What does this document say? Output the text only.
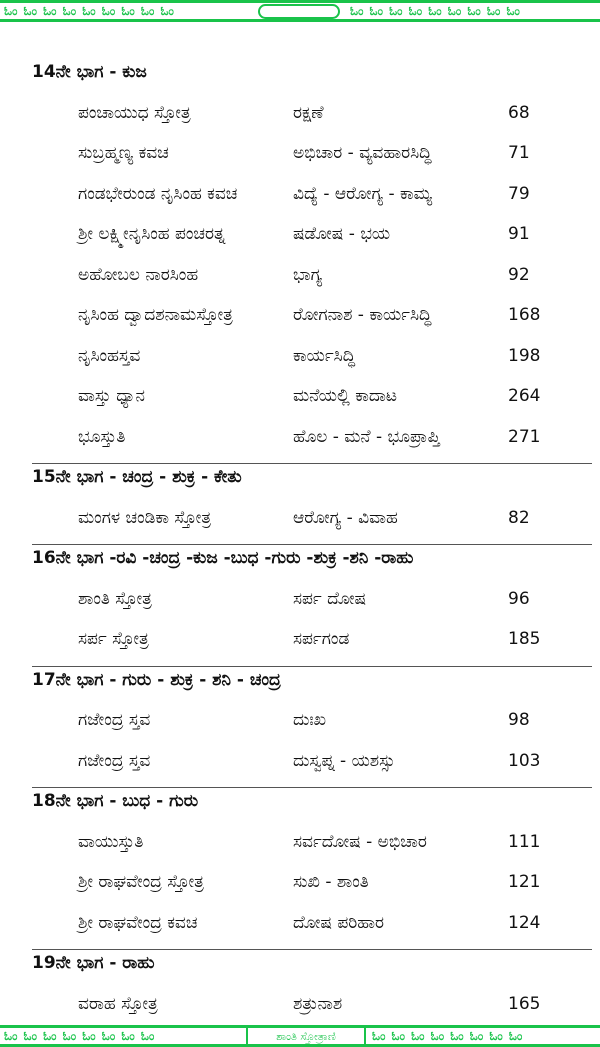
ಓಂ ಓಂ ಓಂ ಓಂ ಓಂ ಓಂ ಓಂ ಓಂ ಓಂ	ಓಂ ಓಂ ಓಂ ಓಂ ಓಂ ಓಂ ಓಂ ಓಂ ಓಂ
14ನೇ ಭಾಗ - ಕುಜ
ಪಂಚಾಯುಧ ಸ್ತೋತ್ರ	ರಕ್ಷಣೆ	68
ಸುಬ್ರಹ್ಮಣ್ಯ ಕವಚ	ಅಭಿಚಾರ - ವ್ಯವಹಾರಸಿದ್ಧಿ	71
ಗಂಡಭೇರುಂಡ ನೃಸಿಂಹ ಕವಚ	ವಿದ್ಯೆ - ಆರೋಗ್ಯ - ಕಾಮ್ಯ	79
ಶ್ರೀ ಲಕ್ಷ್ಮೀನೃಸಿಂಹ ಪಂಚರತ್ನ	ಷಡೋಷ - ಭಯ	91
ಅಹೋಬಲ ನಾರಸಿಂಹ	ಭಾಗ್ಯ	92
ನೃಸಿಂಹ ದ್ವಾದಶನಾಮಸ್ತೋತ್ರ	ರೋಗನಾಶ - ಕಾರ್ಯಸಿದ್ಧಿ	168
ನೃಸಿಂಹಸ್ತವ	ಕಾರ್ಯಸಿದ್ಧಿ	198
ವಾಸ್ತು ಧ್ಯಾನ	ಮನೆಯಲ್ಲಿ ಕಾದಾಟ	264
ಭೂಸ್ತುತಿ	ಹೊಲ - ಮನೆ - ಭೂಪ್ರಾಪ್ತಿ	271
15ನೇ ಭಾಗ - ಚಂದ್ರ - ಶುಕ್ರ - ಕೇತು
ಮಂಗಳ ಚಂಡಿಕಾ ಸ್ತೋತ್ರ	ಆರೋಗ್ಯ - ವಿವಾಹ	82
16ನೇ ಭಾಗ -ರವಿ -ಚಂದ್ರ -ಕುಜ -ಬುಧ -ಗುರು -ಶುಕ್ರ -ಶನಿ -ರಾಹು
ಶಾಂತಿ ಸ್ತೋತ್ರ	ಸರ್ಪ ದೋಷ	96
ಸರ್ಪ ಸ್ತೋತ್ರ	ಸರ್ಪಗಂಡ	185
17ನೇ ಭಾಗ - ಗುರು - ಶುಕ್ರ - ಶನಿ - ಚಂದ್ರ
ಗಜೇಂದ್ರ ಸ್ತವ	ದುಃಖ	98
ಗಜೇಂದ್ರ ಸ್ತವ	ದುಸ್ವಪ್ನ - ಯಶಸ್ಸು	103
18ನೇ ಭಾಗ - ಬುಧ - ಗುರು
ವಾಯುಸ್ತುತಿ	ಸರ್ವದೋಷ - ಅಭಿಚಾರ	111
ಶ್ರೀ ರಾಘವೇಂದ್ರ ಸ್ತೋತ್ರ	ಸುಖಿ - ಶಾಂತಿ	121
ಶ್ರೀ ರಾಘವೇಂದ್ರ ಕವಚ	ದೋಷ ಪರಿಹಾರ	124
19ನೇ ಭಾಗ - ರಾಹು
ವರಾಹ ಸ್ತೋತ್ರ	ಶತ್ರುನಾಶ	165
ಓಂ ಓಂ ಓಂ ಓಂ ಓಂ ಓಂ ಓಂ ಓಂ	ಶಾಂತಿ ಸ್ತೋತ್ರಾಣಿ	ಓಂ ಓಂ ಓಂ ಓಂ ಓಂ ಓಂ ಓಂ ಓಂ
